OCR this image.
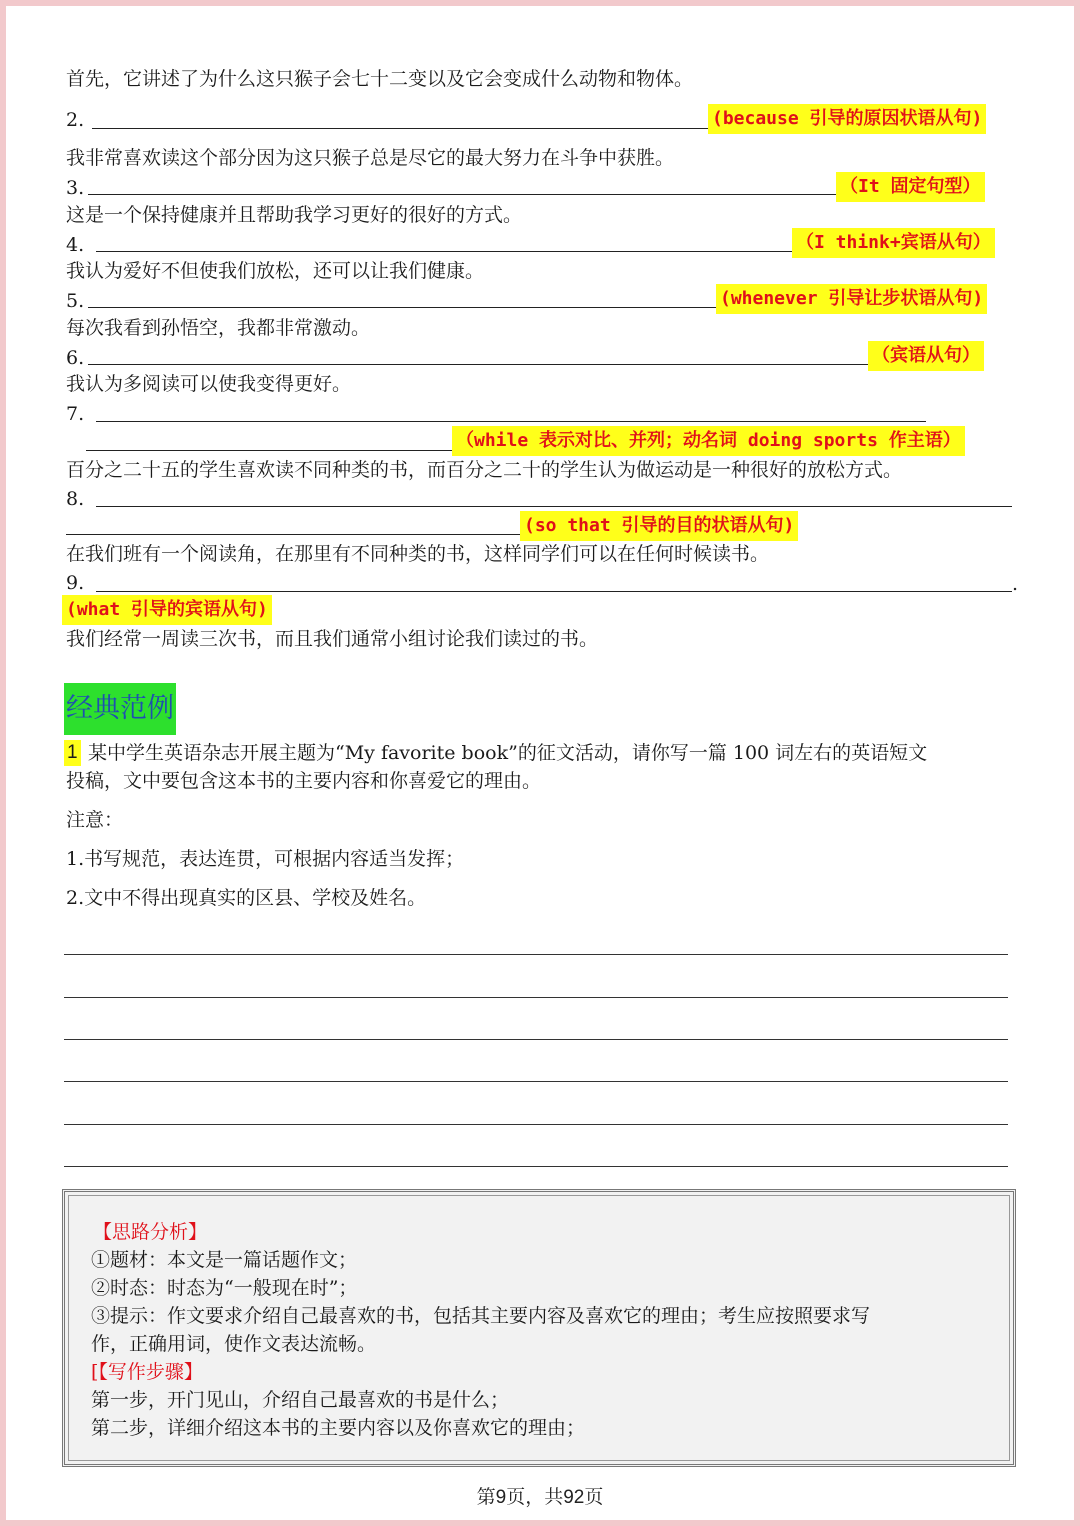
首先，它讲述了为什么这只猴子会七十二变以及它会变成什么动物和物体。
2.	(because 引导的原因状语从句)
我非常喜欢读这个部分因为这只猴子总是尽它的最大努力在斗争中获胜。
3.	（It 固定句型）
这是一个保持健康并且帮助我学习更好的很好的方式。
4.	（I think+宾语从句）
我认为爱好不但使我们放松，还可以让我们健康。
5.	(whenever 引导让步状语从句)
每次我看到孙悟空，我都非常激动。
6.	（宾语从句）
我认为多阅读可以使我变得更好。
7.
（while 表示对比、并列；动名词 doing sports 作主语）
百分之二十五的学生喜欢读不同种类的书，而百分之二十的学生认为做运动是一种很好的放松方式。
8.
(so that 引导的目的状语从句)
在我们班有一个阅读角，在那里有不同种类的书，这样同学们可以在任何时候读书。
9.	.
(what 引导的宾语从句)
我们经常一周读三次书，而且我们通常小组讨论我们读过的书。
经典范例
1 某中学生英语杂志开展主题为“My favorite book”的征文活动，请你写一篇 100 词左右的英语短文
投稿，文中要包含这本书的主要内容和你喜爱它的理由。
注意：
1.书写规范，表达连贯，可根据内容适当发挥；
2.文中不得出现真实的区县、学校及姓名。
【思路分析】
①题材：本文是一篇话题作文；
②时态：时态为“一般现在时”；
③提示：作文要求介绍自己最喜欢的书，包括其主要内容及喜欢它的理由；考生应按照要求写
作，正确用词，使作文表达流畅。
[【写作步骤】
第一步，开门见山，介绍自己最喜欢的书是什么；
第二步，详细介绍这本书的主要内容以及你喜欢它的理由；
第9页，共92页
